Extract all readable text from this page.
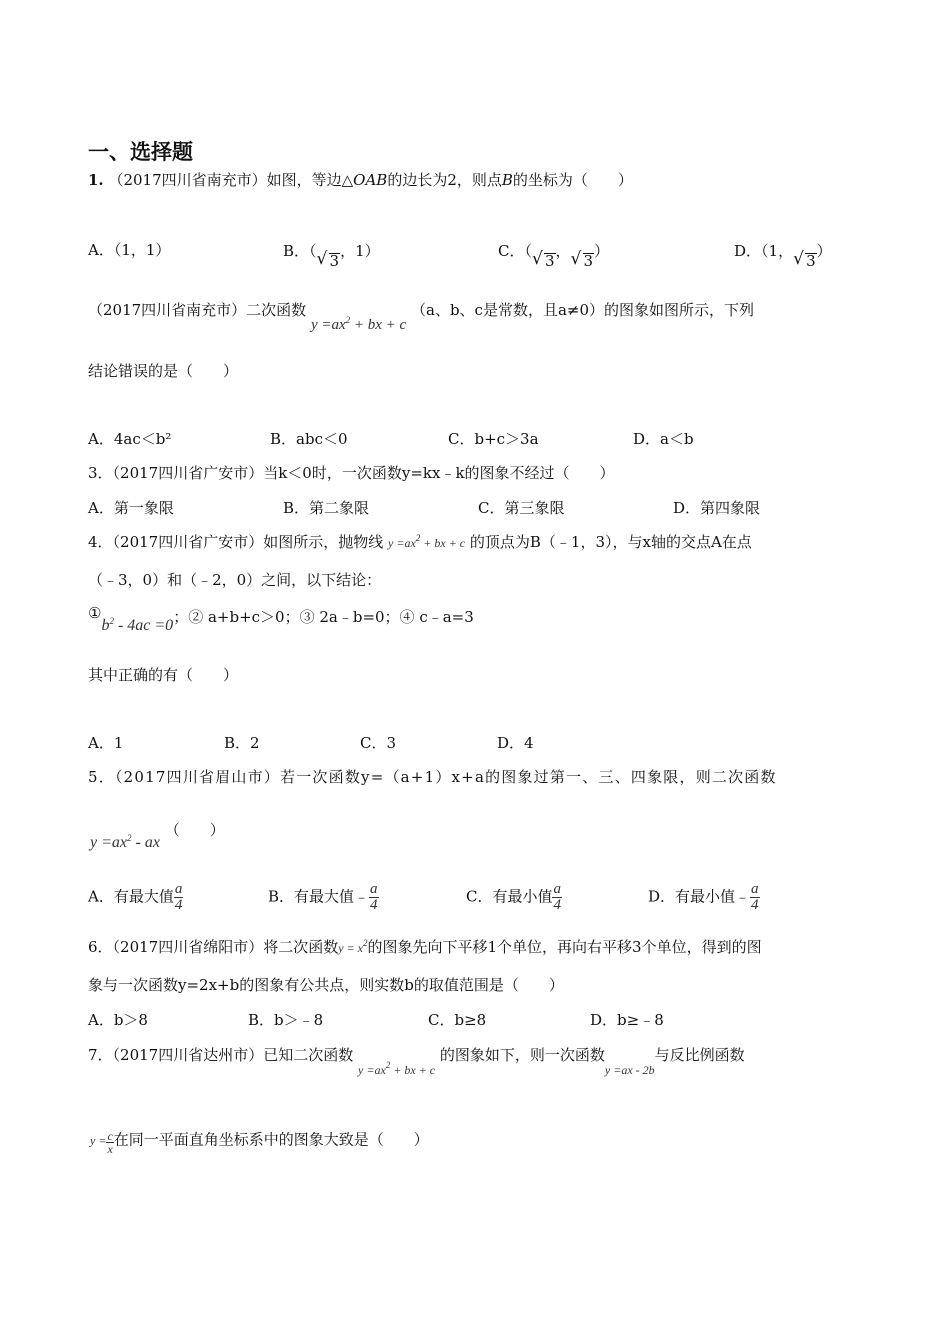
一、选择题
1. （2017四川省南充市）如图，等边△OAB的边长为2，则点B的坐标为（　　）
A．（1，1）	B．（√ 3，1）	C．（√ 3，√ 3）	D．（1，√ 3）
（2017四川省南充市）二次函数 $y =ax^2$ + bx + c （a、b、c是常数，且a≠0）的图象如图所示，下列
结论错误的是（　　）
A．4ac＜b²	B．abc＜0	C．b+c＞3a	D．a＜b
3．（2017四川省广安市）当k＜0时，一次函数y=kx﹣k的图象不经过（　　）
A．第一象限	B．第二象限	C．第三象限	D．第四象限
4．（2017四川省广安市）如图所示，抛物线 $y =ax^2$ + bx + c 的顶点为B（﹣1，3），与x轴的交点A在点
（﹣3，0）和（﹣2，0）之间，以下结论：
$①b^2 - 4ac =0$；② a+b+c＞0；③ 2a﹣b=0；④ c﹣a=3
其中正确的有（　　）
A．1	B．2	C．3	D．4
5．（2017四川省眉山市）若一次函数y=（a+1）x+a的图象过第一、三、四象限，则二次函数
$y =ax^2$ - ax （　　）
A．有最大值 $\frac{a}{4}$	B．有最大值﹣ $\frac{a}{4}$	C．有最小值 $\frac{a}{4}$	D．有最小值﹣ $\frac{a}{4}$
6．（2017四川省绵阳市）将二次函数$y = x^2$的图象先向下平移1个单位，再向右平移3个单位，得到的图
象与一次函数y=2x+b的图象有公共点，则实数b的取值范围是（　　）
A．b＞8	B．b＞﹣8	C．b≥8	D．b≥﹣8
7．（2017四川省达州市）已知二次函数 $_{y =ax^2 + bx + c}$ 的图象如下，则一次函数$_{y =ax - 2b}$与反比例函数
$y = \frac{c}{x}$ 在同一平面直角坐标系中的图象大致是（　　）
